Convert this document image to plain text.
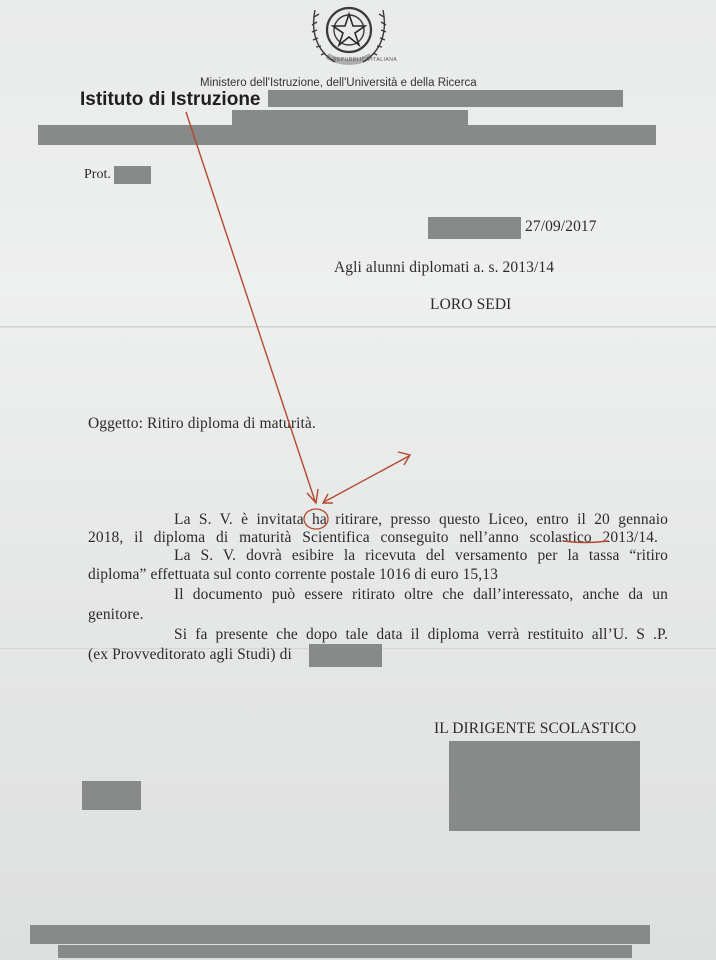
REPUBBLICA ITALIANA
Ministero dell'Istruzione, dell'Università e della Ricerca
Istituto di Istruzione
Prot.
27/09/2017
Agli alunni diplomati a. s. 2013/14
LORO SEDI
Oggetto: Ritiro diploma di maturità.
La S. V. è invitata ha ritirare, presso questo Liceo, entro il 20 gennaio
2018, il diploma di maturità Scientifica conseguito nell’anno scolastico 2013/14.
La S. V. dovrà esibire la ricevuta del versamento per la tassa “ritiro
diploma” effettuata sul conto corrente postale 1016 di euro 15,13
Il documento può essere ritirato oltre che dall’interessato, anche da un
genitore.
Si fa presente che dopo tale data il diploma verrà restituito all’U. S .P.
(ex Provveditorato agli Studi) di
IL DIRIGENTE SCOLASTICO
